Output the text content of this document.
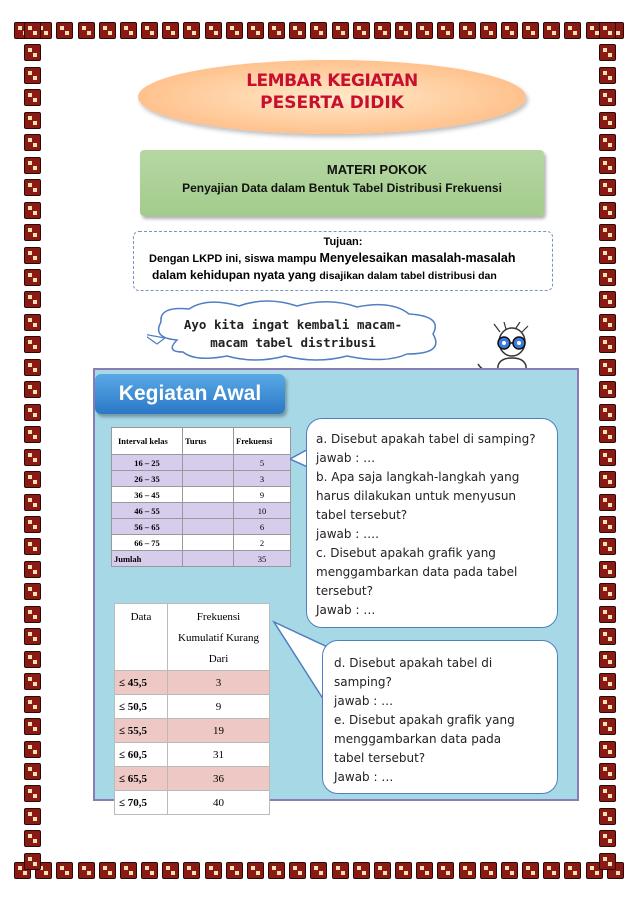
LEMBAR KEGIATAN
PESERTA DIDIK
MATERI POKOK
Penyajian Data dalam Bentuk Tabel Distribusi Frekuensi
Tujuan:
Dengan LKPD ini, siswa mampu Menyelesaikan masalah-masalah
dalam kehidupan nyata yang disajikan dalam tabel distribusi dan
Ayo kita ingat kembali macam-
macam tabel distribusi
Kegiatan Awal
Interval kelas	Turus	Frekuensi
16 – 25		5
26 – 35		3
36 – 45		9
46 – 55		10
56 – 65		6
66 – 75		2
Jumlah		35
Data	Frekuensi
Kumulatif Kurang
Dari

≤ 45,5	3
≤ 50,5	9
≤ 55,5	19
≤ 60,5	31
≤ 65,5	36
≤ 70,5	40
a. Disebut apakah tabel di samping?
jawab : …
b. Apa saja langkah-langkah yang
harus dilakukan untuk menyusun
tabel tersebut?
jawab : ….
c. Disebut apakah grafik yang
menggambarkan data pada tabel
tersebut?
Jawab : …
d. Disebut apakah tabel di
samping?
jawab : …
e. Disebut apakah grafik yang
menggambarkan data pada
tabel tersebut?
Jawab : …
